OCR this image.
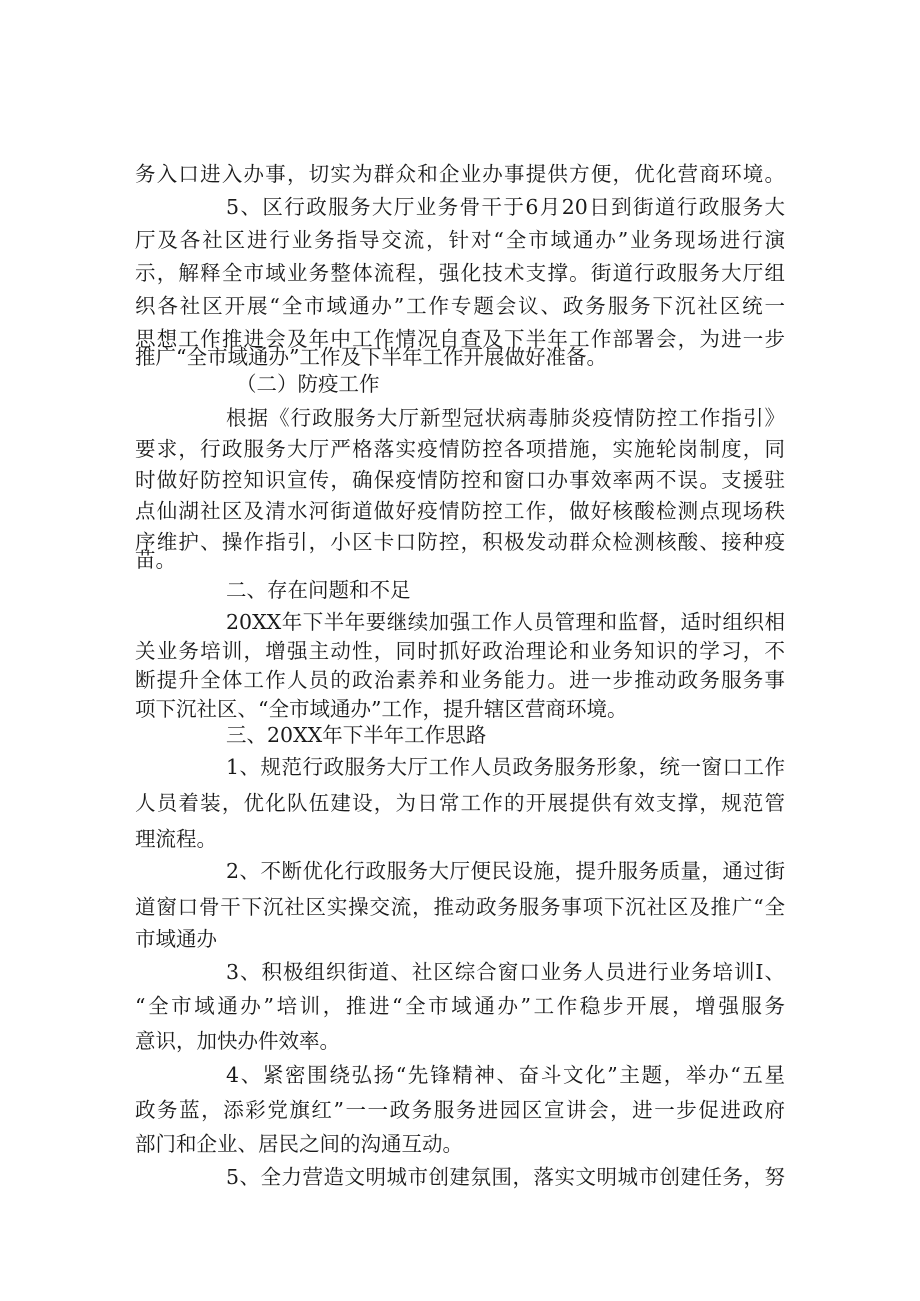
务入口进入办事，切实为群众和企业办事提供方便，优化营商环境。
5、区行政服务大厅业务骨干于6月20日到街道行政服务大
厅及各社区进行业务指导交流，针对“全市域通办”业务现场进行演
示，解释全市域业务整体流程，强化技术支撑。街道行政服务大厅组
织各社区开展“全市域通办”工作专题会议、政务服务下沉社区统一
思想工作推进会及年中工作情况自查及下半年工作部署会，为进一步
推广“全市域通办”工作及下半年工作开展做好准备。
（二）防疫工作
根据《行政服务大厅新型冠状病毒肺炎疫情防控工作指引》
要求，行政服务大厅严格落实疫情防控各项措施，实施轮岗制度，同
时做好防控知识宣传，确保疫情防控和窗口办事效率两不误。支援驻
点仙湖社区及清水河街道做好疫情防控工作，做好核酸检测点现场秩
序维护、操作指引，小区卡口防控，积极发动群众检测核酸、接种疫
苗。
二、存在问题和不足
20XX年下半年要继续加强工作人员管理和监督，适时组织相
关业务培训，增强主动性，同时抓好政治理论和业务知识的学习，不
断提升全体工作人员的政治素养和业务能力。进一步推动政务服务事
项下沉社区、“全市域通办”工作，提升辖区营商环境。
三、20XX年下半年工作思路
1、规范行政服务大厅工作人员政务服务形象，统一窗口工作
人员着装，优化队伍建设，为日常工作的开展提供有效支撑，规范管
理流程。
2、不断优化行政服务大厅便民设施，提升服务质量，通过街
道窗口骨干下沉社区实操交流，推动政务服务事项下沉社区及推广“全
市域通办
3、积极组织街道、社区综合窗口业务人员进行业务培训I、
“全市域通办”培训，推进“全市域通办”工作稳步开展，增强服务
意识，加快办件效率。
4、紧密围绕弘扬“先锋精神、奋斗文化”主题，举办“五星
政务蓝，添彩党旗红”一一政务服务进园区宣讲会，进一步促进政府
部门和企业、居民之间的沟通互动。
5、全力营造文明城市创建氛围，落实文明城市创建任务，努
